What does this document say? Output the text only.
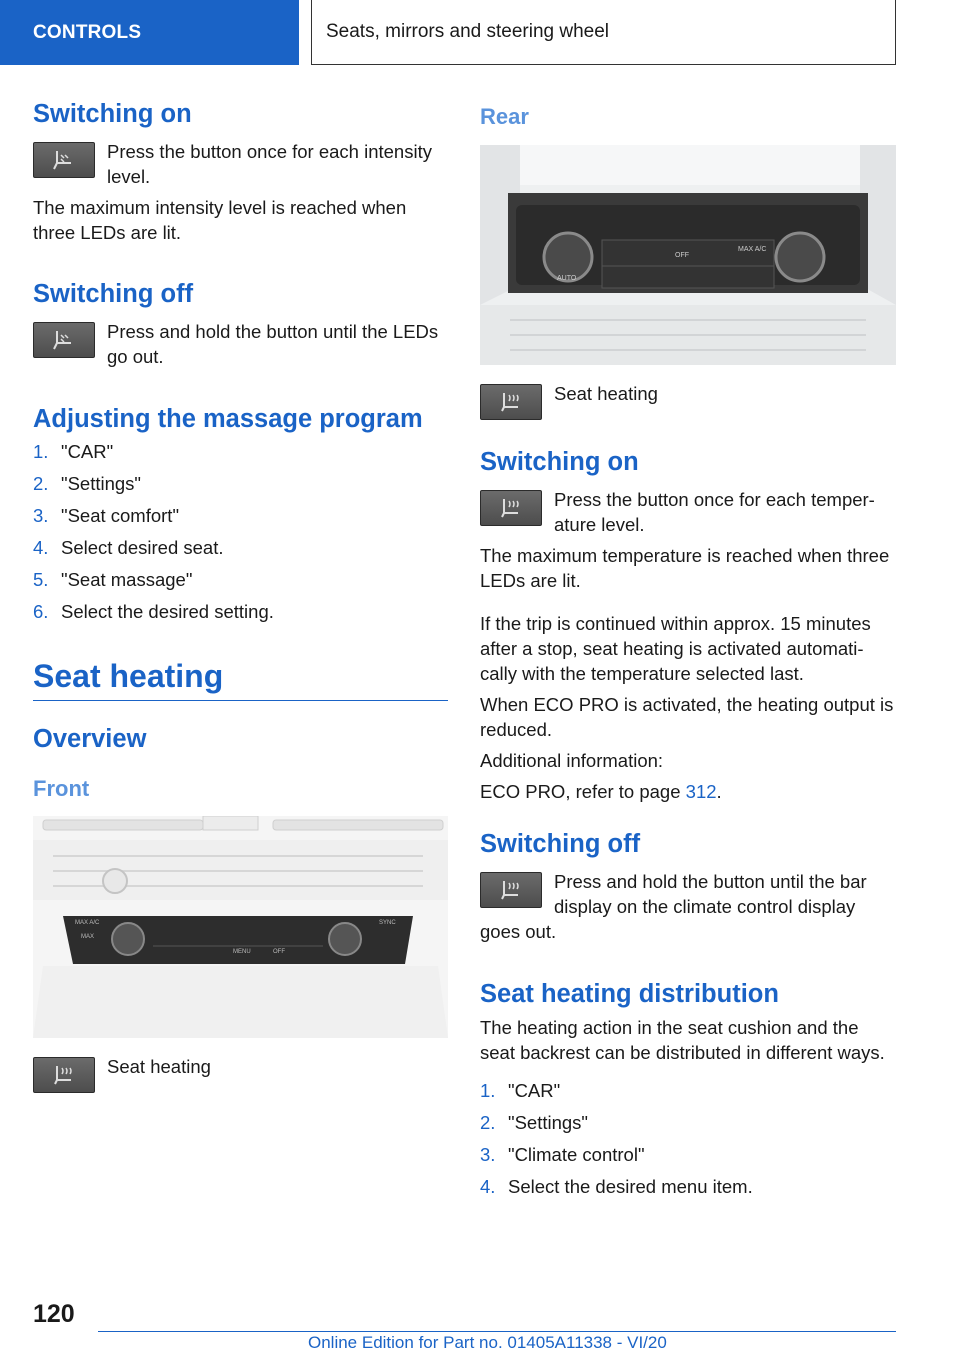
CONTROLS	Seats, mirrors and steering wheel
Switching on

Press the button once for each intensity level.

The maximum intensity level is reached when three LEDs are lit.

Switching off

Press and hold the button until the LEDs go out.

Adjusting the massage program
1. "CAR"
2. "Settings"
3. "Seat comfort"
4. Select desired seat.
5. "Seat massage"
6. Select the desired setting.
Seat heating
Overview
Front
MAX A/C	SYNC
MAX
MENU	OFF

Seat heating

Rear
AUTO
OFF
MAX A/C

Seat heating

Switching on

Press the button once for each temper-ature level.

The maximum temperature is reached when three LEDs are lit.

If the trip is continued within approx. 15 minutes after a stop, seat heating is activated automati-cally with the temperature selected last.

When ECO PRO is activated, the heating output is reduced.

Additional information:

ECO PRO, refer to page 312.

Switching off

Press and hold the button until the bar display on the climate control display

goes out.

Seat heating distribution

The heating action in the seat cushion and the seat backrest can be distributed in different ways.

1. "CAR"
2. "Settings"
3. "Climate control"
4. Select the desired menu item.
120
Online Edition for Part no. 01405A11338 - VI/20
